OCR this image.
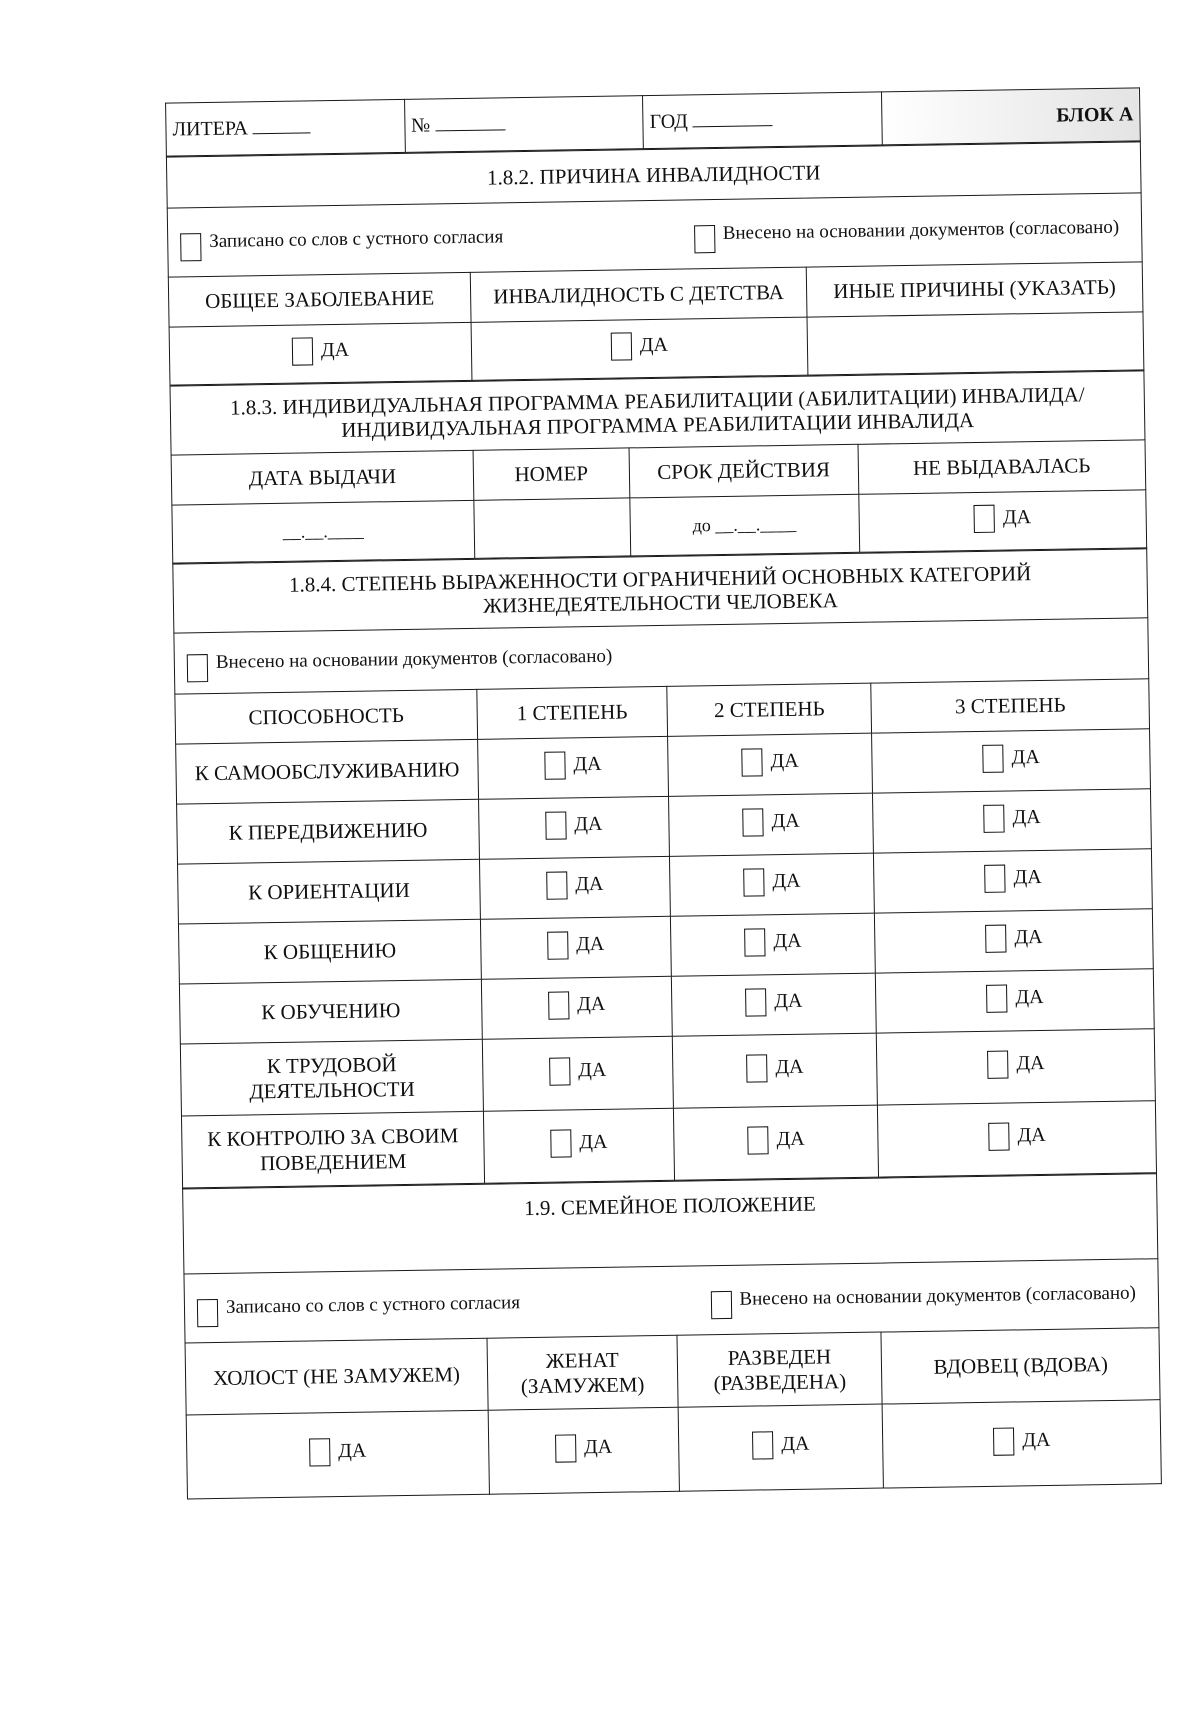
ЛИТЕРА	№	ГОД	БЛОК А
1.8.2. ПРИЧИНА ИНВАЛИДНОСТИ		

Записано со слов с устного согласия Внесено на основании документов (согласовано)		

ОБЩЕЕ ЗАБОЛЕВАНИЕ	ИНВАЛИДНОСТЬ С ДЕТСТВА	ИНЫЕ ПРИЧИНЫ (УКАЗАТЬ)

ДА	ДА	

1.8.3. ИНДИВИДУАЛЬНАЯ ПРОГРАММА РЕАБИЛИТАЦИИ (АБИЛИТАЦИИ) ИНВАЛИДА/ИНДИВИДУАЛЬНАЯ ПРОГРАММА РЕАБИЛИТАЦИИ ИНВАЛИДА			
ДАТА ВЫДАЧИ	НОМЕР	СРОК ДЕЙСТВИЯ	НЕ ВЫДАВАЛАСЬ
__.__.____		до __.__.____	ДА
1.8.4. СТЕПЕНЬ ВЫРАЖЕННОСТИ ОГРАНИЧЕНИЙ ОСНОВНЫХ КАТЕГОРИЙ ЖИЗНЕДЕЯТЕЛЬНОСТИ ЧЕЛОВЕКА			

Внесено на основании документов (согласовано)			

СПОСОБНОСТЬ	1 СТЕПЕНЬ	2 СТЕПЕНЬ	3 СТЕПЕНЬ
К САМООБСЛУЖИВАНИЮ	ДА	ДА	ДА

К ПЕРЕДВИЖЕНИЮ	ДА	ДА	ДА

К ОРИЕНТАЦИИ	ДА	ДА	ДА

К ОБЩЕНИЮ	ДА	ДА	ДА

К ОБУЧЕНИЮ	ДА	ДА	ДА

К ТРУДОВОЙ ДЕЯТЕЛЬНОСТИ	ДА	ДА	ДА

К КОНТРОЛЮ ЗА СВОИМ ПОВЕДЕНИЕМ	ДА	ДА	ДА
1.9. СЕМЕЙНОЕ ПОЛОЖЕНИЕ			

Записано со слов с устного согласия Внесено на основании документов (согласовано)			

ХОЛОСТ (НЕ ЗАМУЖЕМ)	ЖЕНАТ (ЗАМУЖЕМ)	РАЗВЕДЕН (РАЗВЕДЕНА)	ВДОВЕЦ (ВДОВА)

ДА	ДА	ДА	ДА
